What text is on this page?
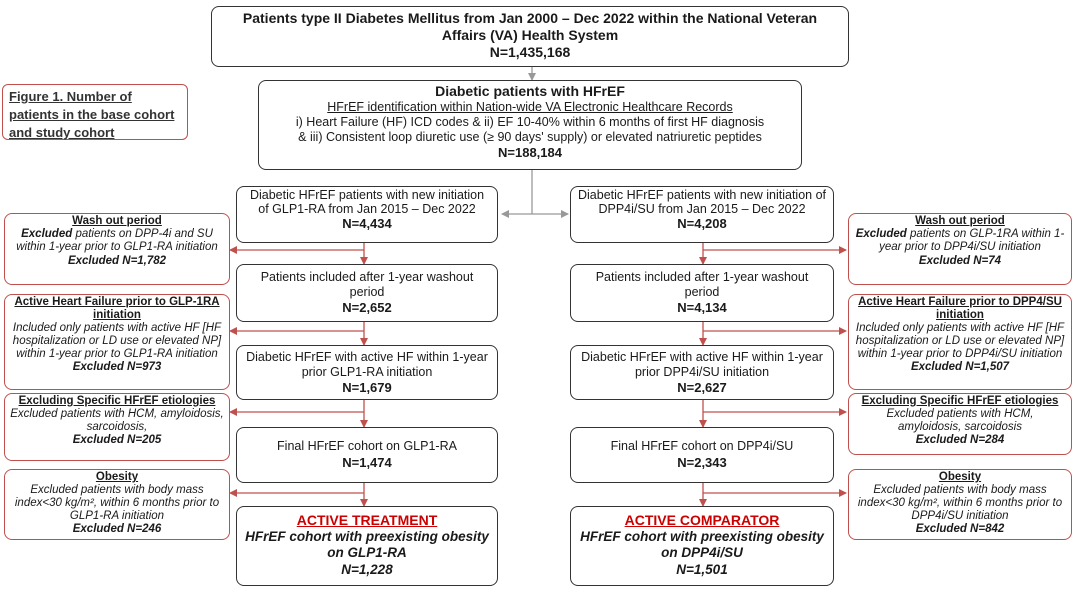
Figure 1. Number of patients in the base cohort and study cohort
Patients type II Diabetes Mellitus from Jan 2000 – Dec 2022 within the National Veteran Affairs (VA) Health System
N=1,435,168
Diabetic patients with HFrEF
HFrEF identification within Nation-wide VA Electronic Healthcare Records
i) Heart Failure (HF) ICD codes & ii) EF 10-40% within 6 months of first HF diagnosis
& iii) Consistent loop diuretic use (≥ 90 days' supply) or elevated natriuretic peptides
N=188,184
Diabetic HFrEF patients with new initiation of GLP1-RA from Jan 2015 – Dec 2022
N=4,434
Patients included after 1-year washout period
N=2,652
Diabetic HFrEF with active HF within 1-year prior GLP1-RA initiation
N=1,679
Final HFrEF cohort on GLP1-RA
N=1,474
ACTIVE TREATMENT
HFrEF cohort with preexisting obesity on GLP1-RA
N=1,228
Wash out period
Excluded patients on DPP-4i and SU within 1-year prior to GLP1-RA initiation
Excluded N=1,782
Active Heart Failure prior to GLP-1RA initiation
Included only patients with active HF [HF hospitalization or LD use or elevated NP] within 1-year prior to GLP1-RA initiation
Excluded N=973
Excluding Specific HFrEF etiologies
Excluded patients with HCM, amyloidosis, sarcoidosis,
Excluded N=205
Obesity
Excluded patients with body mass index<30 kg/m², within 6 months prior to GLP1-RA initiation
Excluded N=246
Diabetic HFrEF patients with new initiation of DPP4i/SU from Jan 2015 – Dec 2022
N=4,208
Patients included after 1-year washout period
N=4,134
Diabetic HFrEF with active HF within 1-year prior DPP4i/SU initiation
N=2,627
Final HFrEF cohort on DPP4i/SU
N=2,343
ACTIVE COMPARATOR
HFrEF cohort with preexisting obesity on DPP4i/SU
N=1,501
Wash out period
Excluded patients on GLP-1RA within 1-year prior to DPP4i/SU initiation
Excluded N=74
Active Heart Failure prior to DPP4/SU initiation
Included only patients with active HF [HF hospitalization or LD use or elevated NP] within 1-year prior to DPP4i/SU initiation
Excluded N=1,507
Excluding Specific HFrEF etiologies
Excluded patients with HCM, amyloidosis, sarcoidosis
Excluded N=284
Obesity
Excluded patients with body mass index<30 kg/m², within 6 months prior to DPP4i/SU initiation
Excluded N=842
